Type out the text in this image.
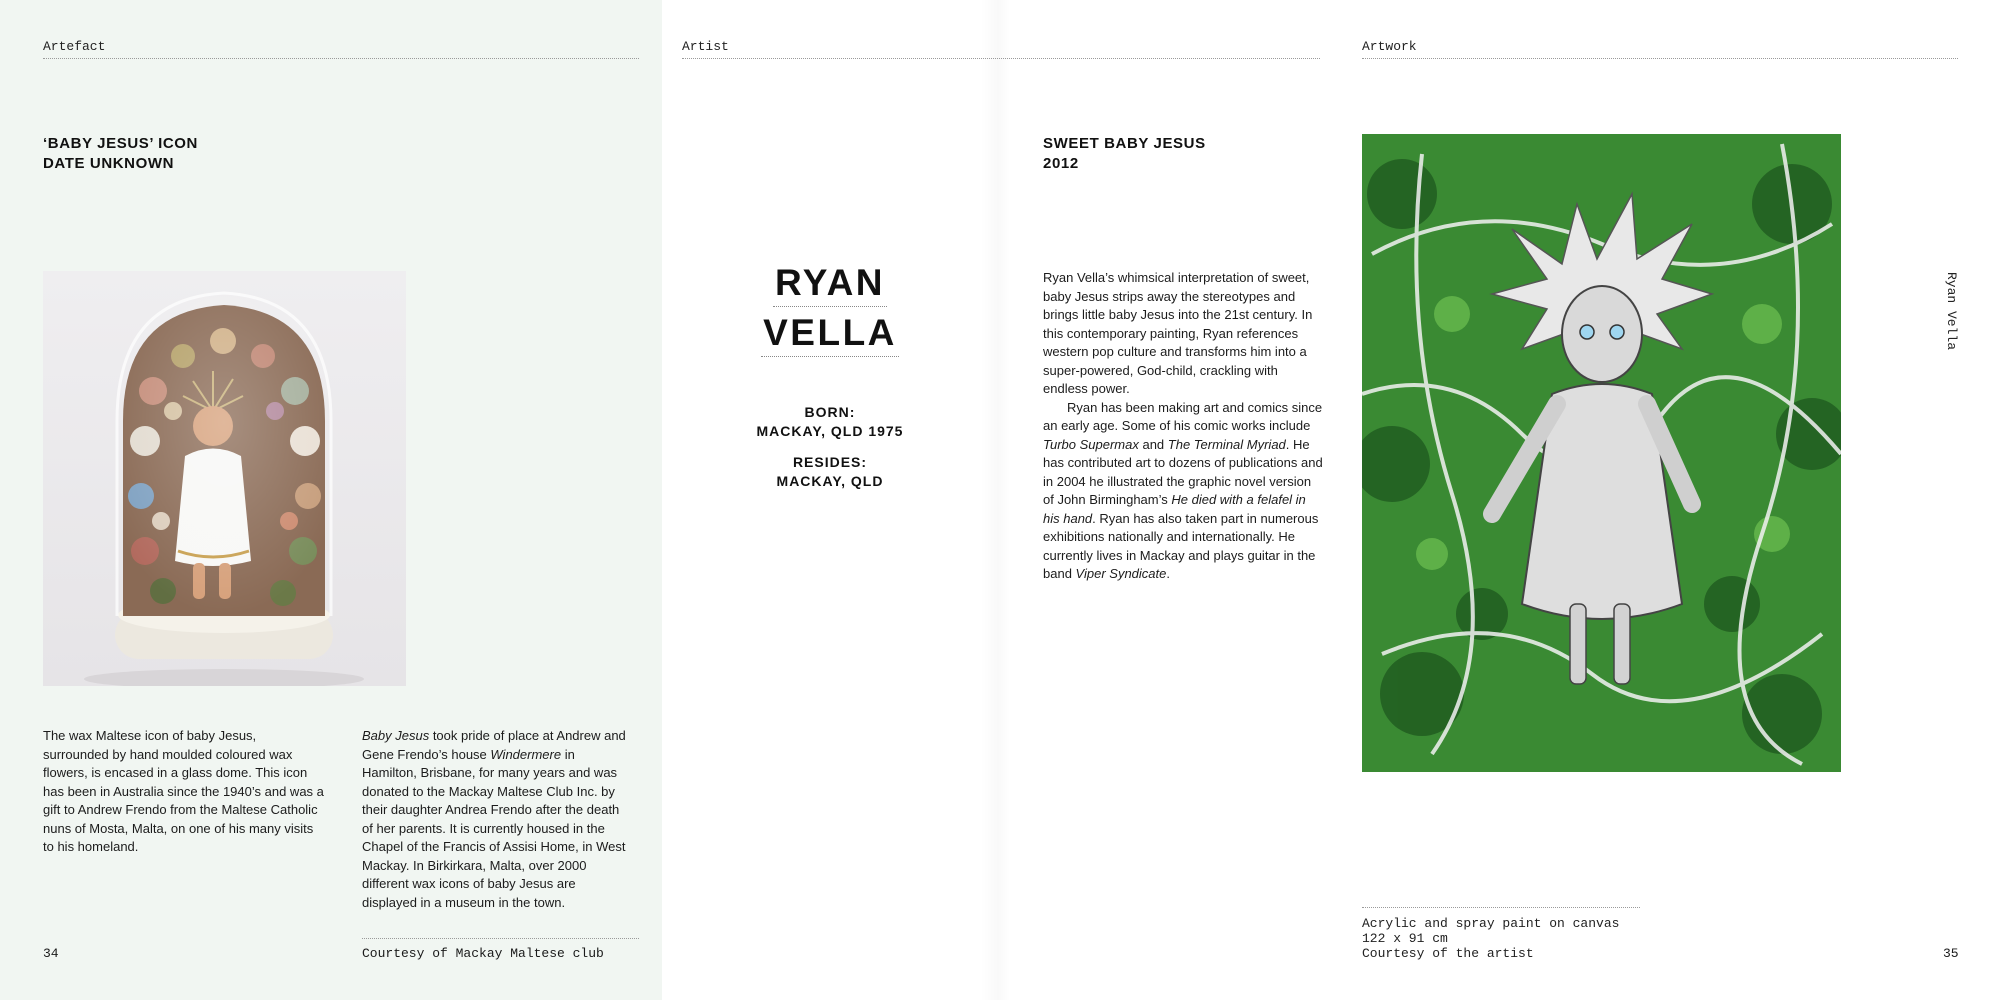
Artefact	Artist	Artwork
‘BABY JESUS’ ICON
DATE UNKNOWN
The wax Maltese icon of baby Jesus, surrounded by hand moulded coloured wax flowers, is encased in a glass dome. This icon has been in Australia since the 1940’s and was a gift to Andrew Frendo from the Maltese Catholic nuns of Mosta, Malta, on one of his many visits to his homeland.
Baby Jesus took pride of place at Andrew and Gene Frendo’s house Windermere in Hamilton, Brisbane, for many years and was donated to the Mackay Maltese Club Inc. by their daughter Andrea Frendo after the death of her parents. It is currently housed in the Chapel of the Francis of Assisi Home, in West Mackay. In Birkirkara, Malta, over 2000 different wax icons of baby Jesus are displayed in a museum in the town.
34	Courtesy of Mackay Maltese club
RYAN
VELLA
BORN:
MACKAY, QLD 1975
RESIDES:
MACKAY, QLD
SWEET BABY JESUS
2012

Ryan Vella’s whimsical interpretation of sweet, baby Jesus strips away the stereotypes and brings little baby Jesus into the 21st century. In this contemporary painting, Ryan references western pop culture and transforms him into a super-powered, God-child, crackling with endless power.

Ryan has been making art and comics since an early age. Some of his comic works include Turbo Supermax and The Terminal Myriad. He has contributed art to dozens of publications and in 2004 he illustrated the graphic novel version of John Birmingham’s He died with a felafel in his hand. Ryan has also taken part in numerous exhibitions nationally and internationally. He currently lives in Mackay and plays guitar in the band Viper Syndicate.

Ryan Vella
Acrylic and spray paint on canvas
122 x 91 cm
Courtesy of the artist	35
